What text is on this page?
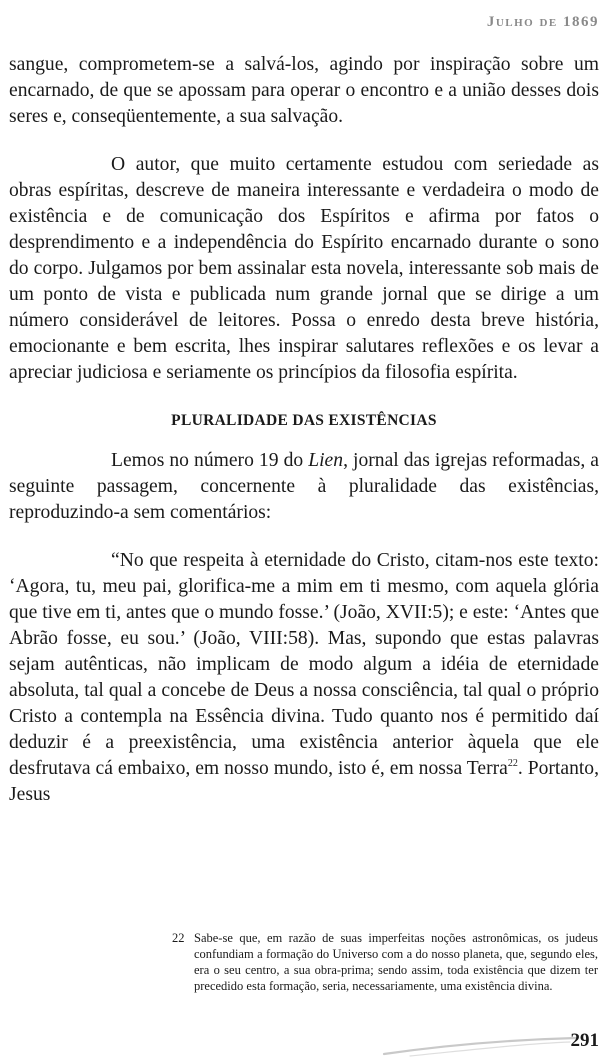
Julho de 1869

sangue, comprometem-se a salvá-los, agindo por inspiração sobre um encarnado, de que se apossam para operar o encontro e a união desses dois seres e, conseqüentemente, a sua salvação.

O autor, que muito certamente estudou com seriedade as obras espíritas, descreve de maneira interessante e verdadeira o modo de existência e de comunicação dos Espíritos e afirma por fatos o desprendimento e a independência do Espírito encarnado durante o sono do corpo. Julgamos por bem assinalar esta novela, interessante sob mais de um ponto de vista e publicada num grande jornal que se dirige a um número considerável de leitores. Possa o enredo desta breve história, emocionante e bem escrita, lhes inspirar salutares reflexões e os levar a apreciar judiciosa e seriamente os princípios da filosofia espírita.

PLURALIDADE DAS EXISTÊNCIAS

Lemos no número 19 do Lien, jornal das igrejas reformadas, a seguinte passagem, concernente à pluralidade das existências, reproduzindo-a sem comentários:

“No que respeita à eternidade do Cristo, citam-nos este texto: ‘Agora, tu, meu pai, glorifica-me a mim em ti mesmo, com aquela glória que tive em ti, antes que o mundo fosse.’ (João, XVII:5); e este: ‘Antes que Abrão fosse, eu sou.’ (João, VIII:58). Mas, supondo que estas palavras sejam autênticas, não implicam de modo algum a idéia de eternidade absoluta, tal qual a concebe de Deus a nossa consciência, tal qual o próprio Cristo a contempla na Essência divina. Tudo quanto nos é permitido daí deduzir é a preexistência, uma existência anterior àquela que ele desfrutava cá embaixo, em nosso mundo, isto é, em nossa Terra$^{22}$. Portanto, Jesus

22 Sabe-se que, em razão de suas imperfeitas noções astronômicas, os judeus confundiam a formação do Universo com a do nosso planeta, que, segundo eles, era o seu centro, a sua obra-prima; sendo assim, toda existência que dizem ter precedido esta formação, seria, necessariamente, uma existência divina.
291
